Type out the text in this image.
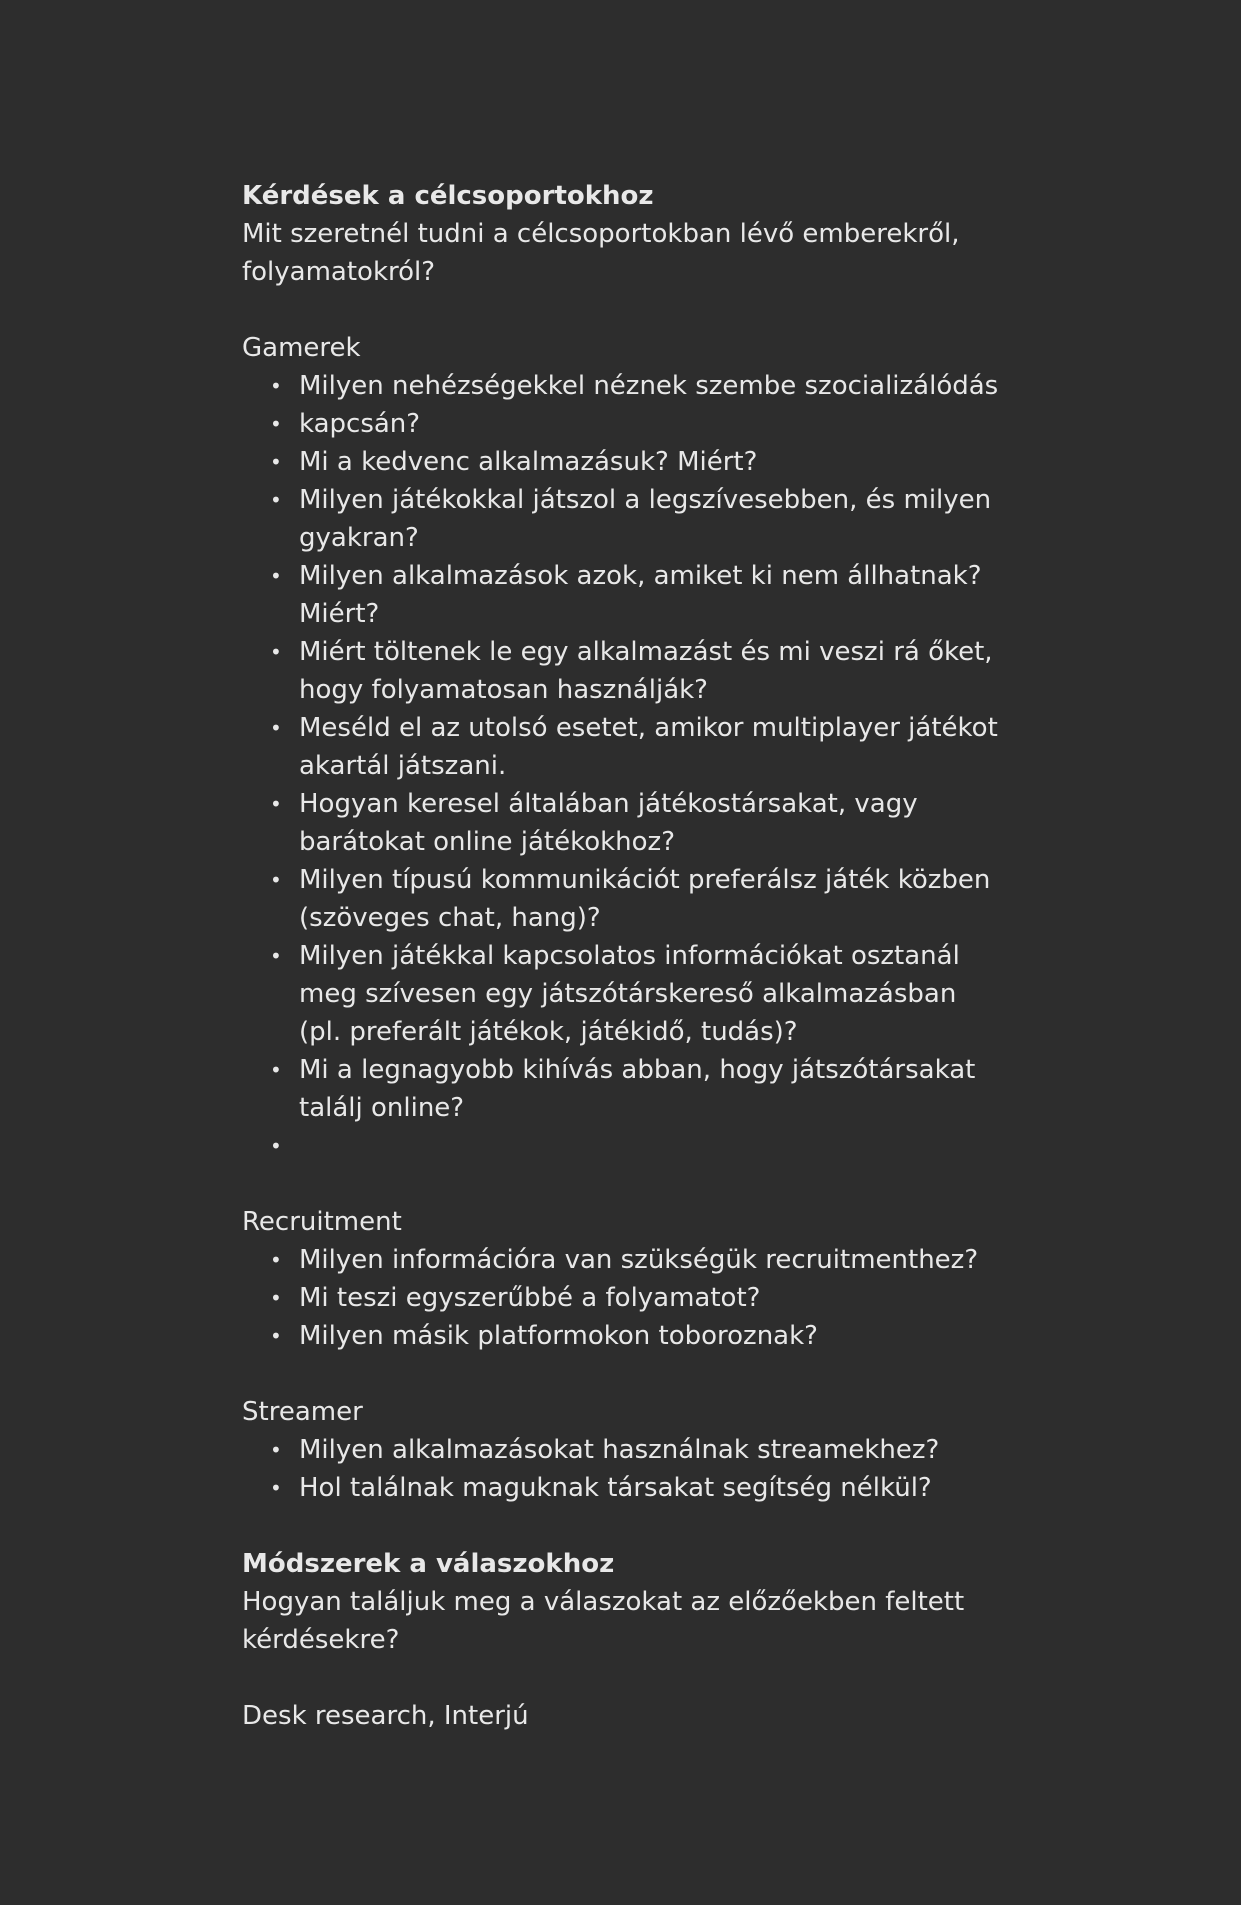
Kérdések a célcsoportokhoz
Mit szeretnél tudni a célcsoportokban lévő emberekről,
folyamatokról?
Gamerek
• Milyen nehézségekkel néznek szembe szocializálódás
• kapcsán?
• Mi a kedvenc alkalmazásuk? Miért?
• Milyen játékokkal játszol a legszívesebben, és milyen gyakran?
• Milyen alkalmazások azok, amiket ki nem állhatnak? Miért?
• Miért töltenek le egy alkalmazást és mi veszi rá őket, hogy folyamatosan használják?
• Meséld el az utolsó esetet, amikor multiplayer játékot akartál játszani.
• Hogyan keresel általában játékostársakat, vagy barátokat online játékokhoz?
• Milyen típusú kommunikációt preferálsz játék közben (szöveges chat, hang)?
• Milyen játékkal kapcsolatos információkat osztanál meg szívesen egy játszótárskereső alkalmazásban (pl. preferált játékok, játékidő, tudás)?
• Mi a legnagyobb kihívás abban, hogy játszótársakat találj online?
•
Recruitment
• Milyen információra van szükségük recruitmenthez?
• Mi teszi egyszerűbbé a folyamatot?
• Milyen másik platformokon toboroznak?
Streamer
• Milyen alkalmazásokat használnak streamekhez?
• Hol találnak maguknak társakat segítség nélkül?
Módszerek a válaszokhoz
Hogyan találjuk meg a válaszokat az előzőekben feltett
kérdésekre?
Desk research, Interjú
